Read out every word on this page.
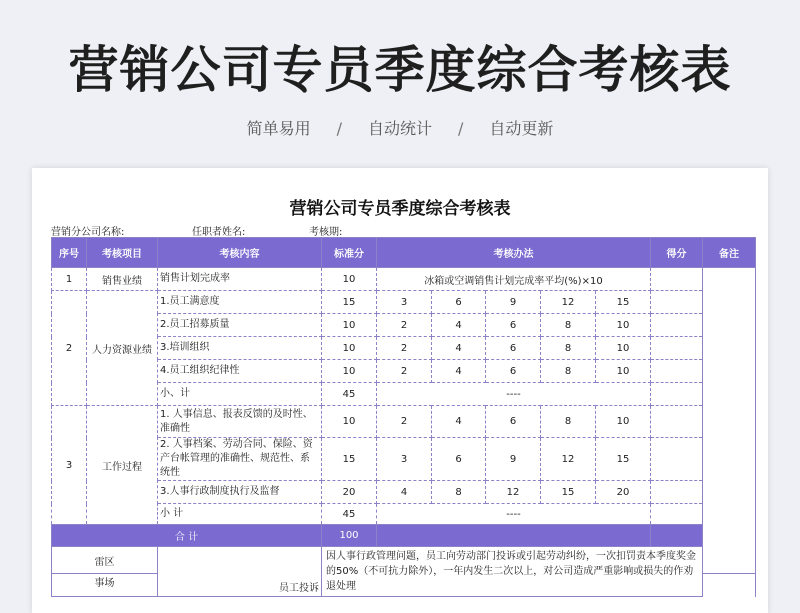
营销公司专员季度综合考核表
简单易用 / 自动统计 / 自动更新
营销公司专员季度综合考核表
营销分公司名称:	任职者姓名:	考核期:
序号	考核项目	考核内容	标准分	考核办法					得分	备注	
1	销售业绩	销售计划完成率	10	冰箱或空调销售计划完成率平均(%)×10							
2	人力资源业绩	1.员工满意度	15	3	6	9	12	15			
		2.员工招募质量	10	2	4	6	8	10			
		3.培训组织	10	2	4	6	8	10			
		4.员工组织纪律性	10	2	4	6	8	10			
		小、计	45	----							
3	工作过程	1. 人事信息、报表反馈的及时性、准确性	10	2	4	6	8	10			
		2. 人事档案、劳动合同、保险、资产台帐管理的准确性、规范性、系统性	15	3	6	9	12	15			
		3.人事行政制度执行及监督	20	4	8	12	15	20			
		小 计	45	----							
合 计			100								
雷区		员工投诉	因人事行政管理问题，员工向劳动部门投诉或引起劳动纠纷，一次扣罚责本季度奖金的50%（不可抗力除外），一年内发生二次以上，对公司造成严重影响或损失的作劝退处理								
事场											
